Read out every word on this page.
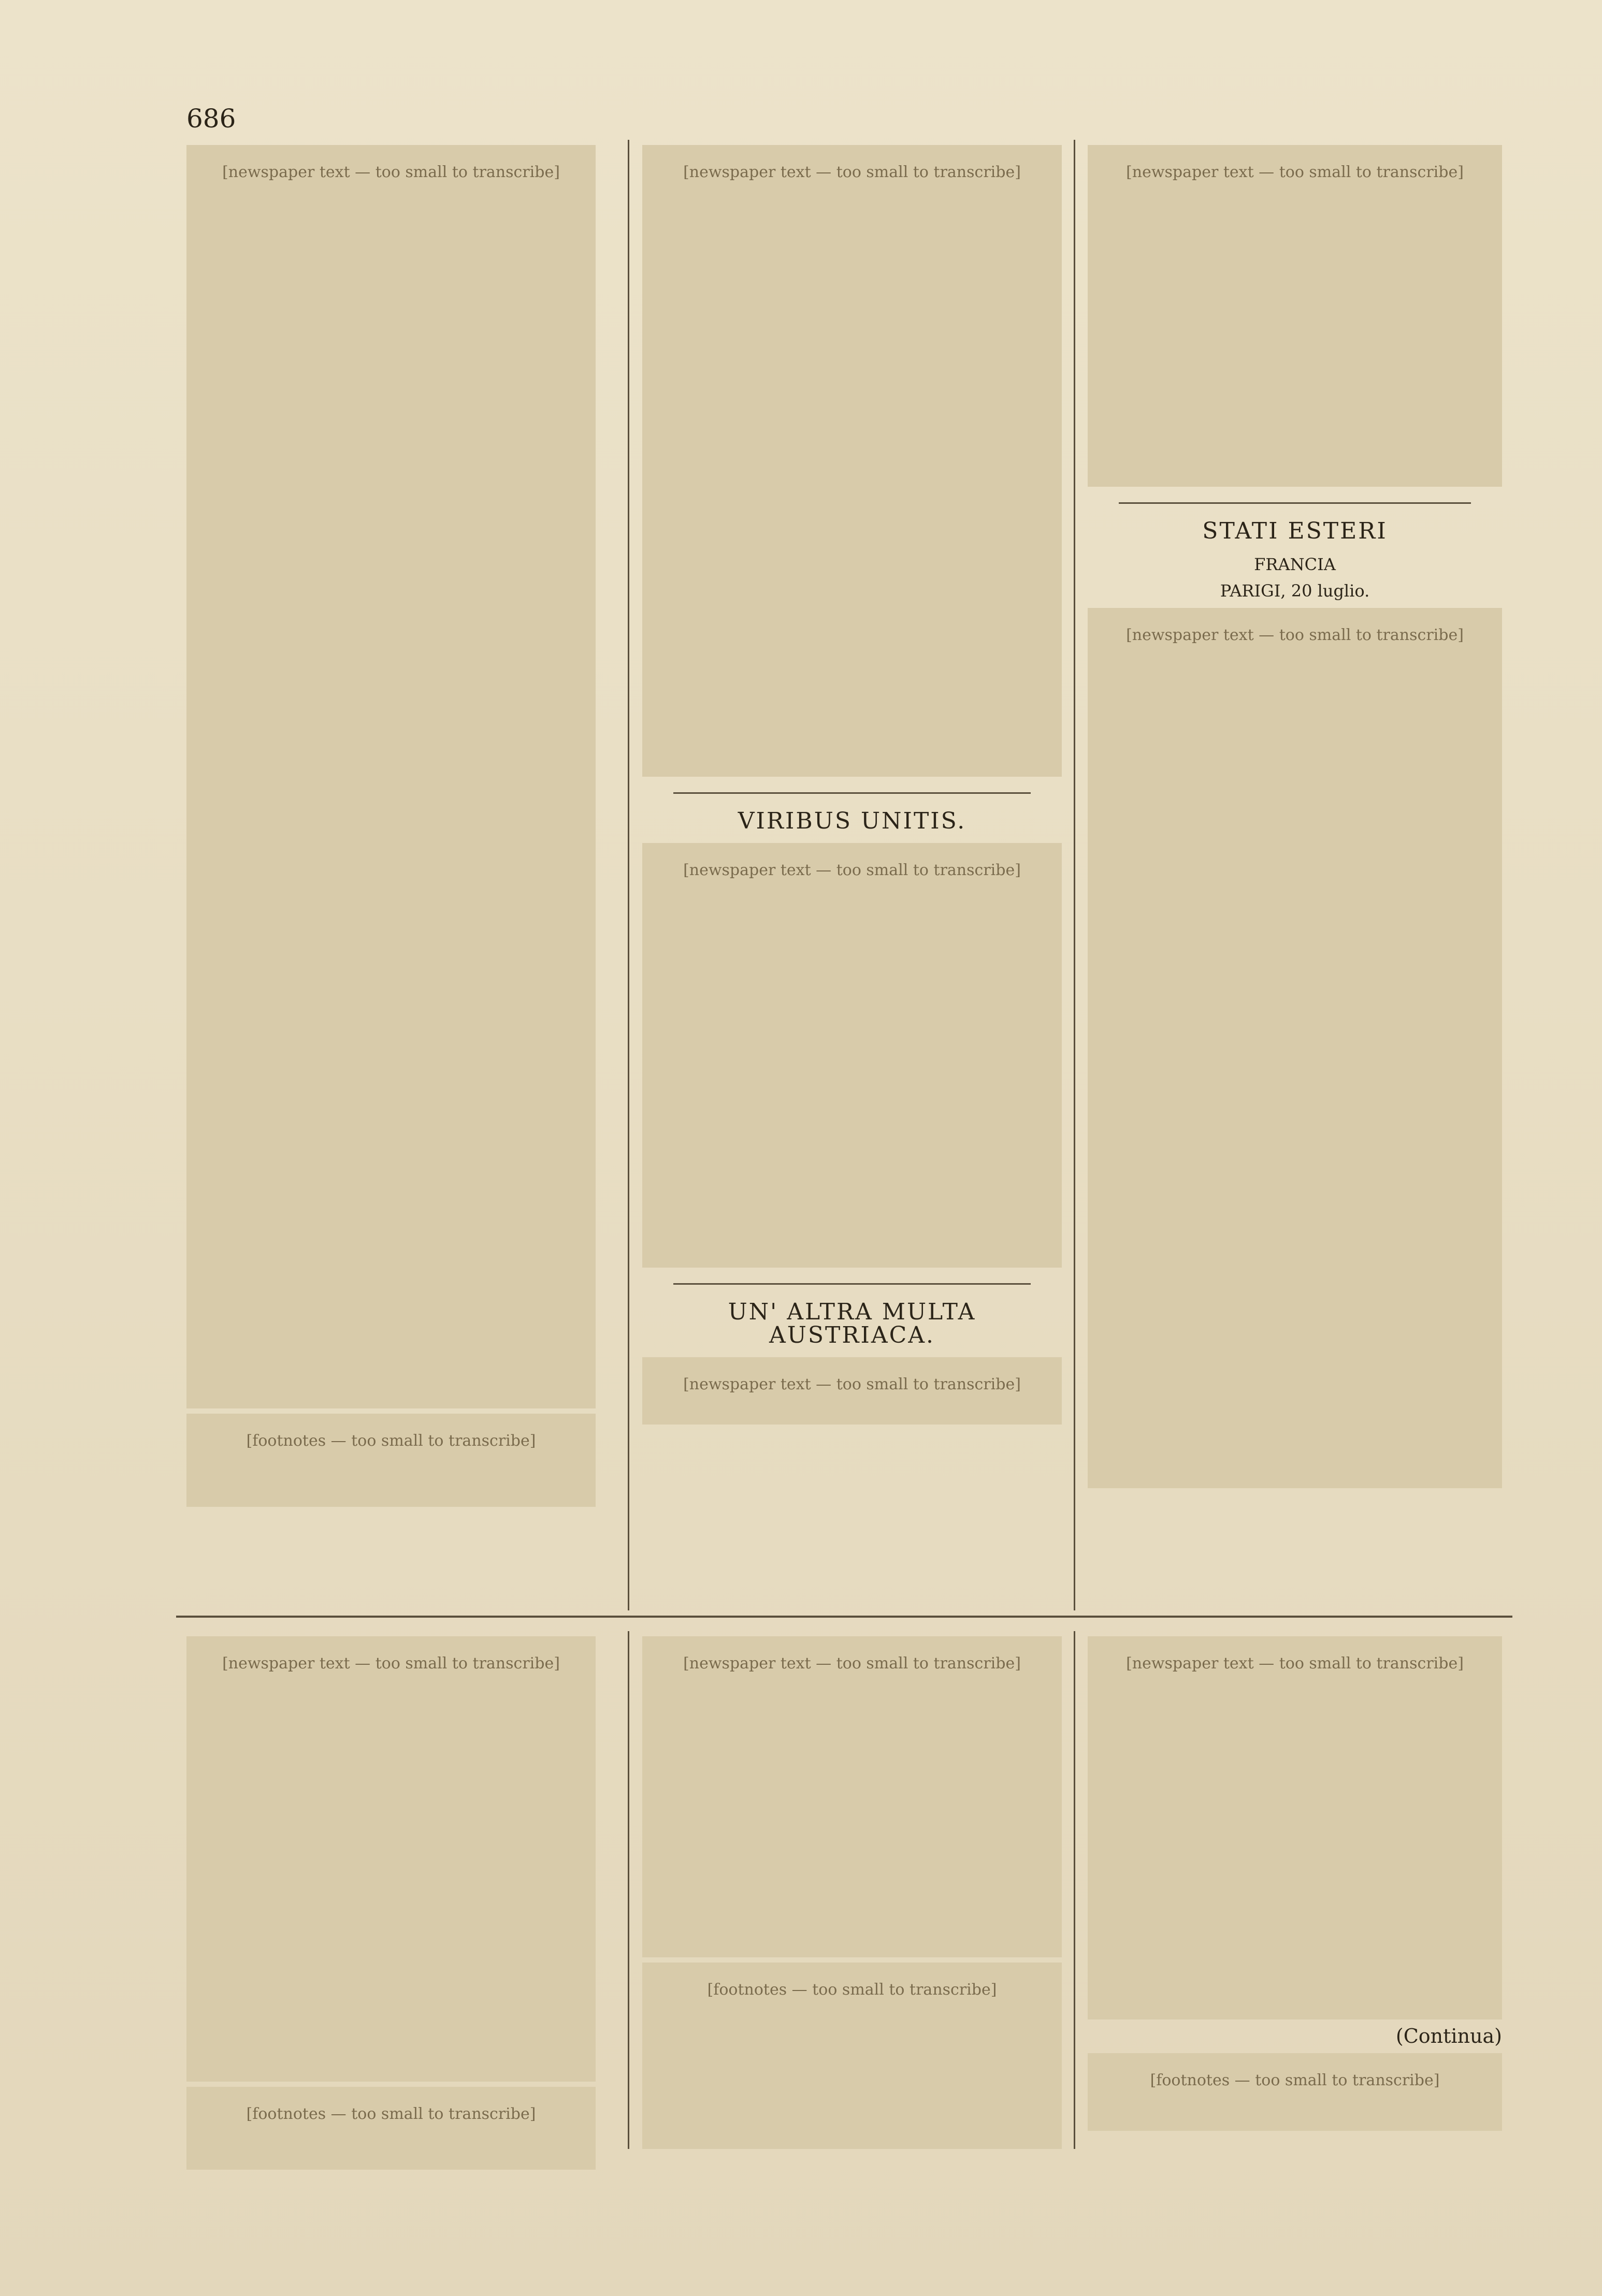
686
[newspaper text — too small to transcribe]
[footnotes — too small to transcribe]
[newspaper text — too small to transcribe]
VIRIBUS UNITIS.
[newspaper text — too small to transcribe]
UN' ALTRA MULTA AUSTRIACA.
[newspaper text — too small to transcribe]
[newspaper text — too small to transcribe]
STATI ESTERI
FRANCIA
PARIGI, 20 luglio.
[newspaper text — too small to transcribe]
[newspaper text — too small to transcribe]
[footnotes — too small to transcribe]
[newspaper text — too small to transcribe]
[footnotes — too small to transcribe]
[newspaper text — too small to transcribe]

(Continua)

[footnotes — too small to transcribe]
